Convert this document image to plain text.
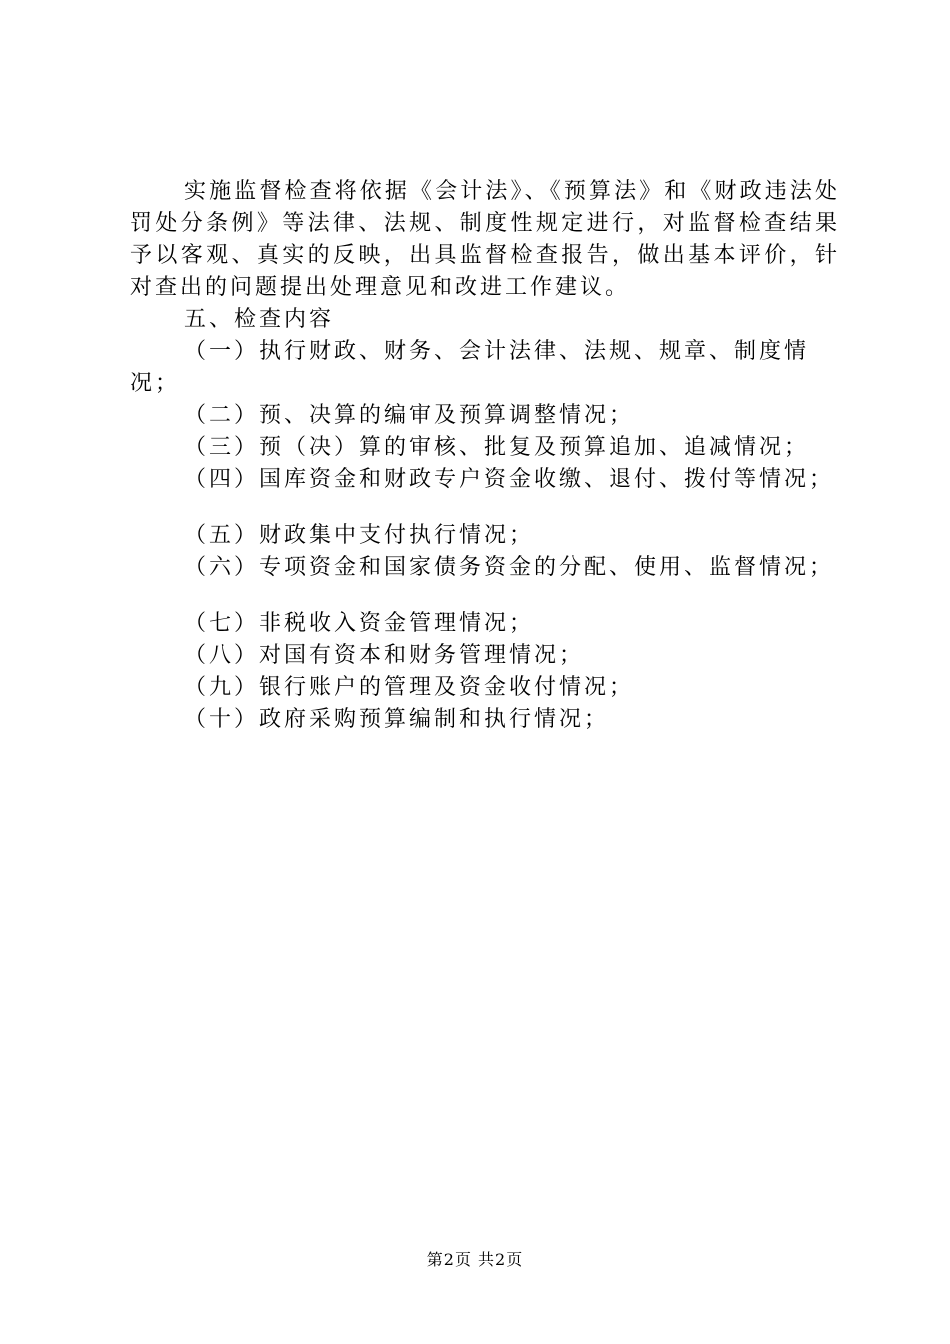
实施监督检查将依据《会计法》、《预算法》和《财政违法处罚处分条例》等法律、法规、制度性规定进行，对监督检查结果予以客观、真实的反映，出具监督检查报告，做出基本评价，针对查出的问题提出处理意见和改进工作建议。

五、检查内容

（一）执行财政、财务、会计法律、法规、规章、制度情况；

（二）预、决算的编审及预算调整情况；

（三）预（决）算的审核、批复及预算追加、追减情况；

（四）国库资金和财政专户资金收缴、退付、拨付等情况；

（五）财政集中支付执行情况；

（六）专项资金和国家债务资金的分配、使用、监督情况；

（七）非税收入资金管理情况；

（八）对国有资本和财务管理情况；

（九）银行账户的管理及资金收付情况；

（十）政府采购预算编制和执行情况；

第2页 共2页
